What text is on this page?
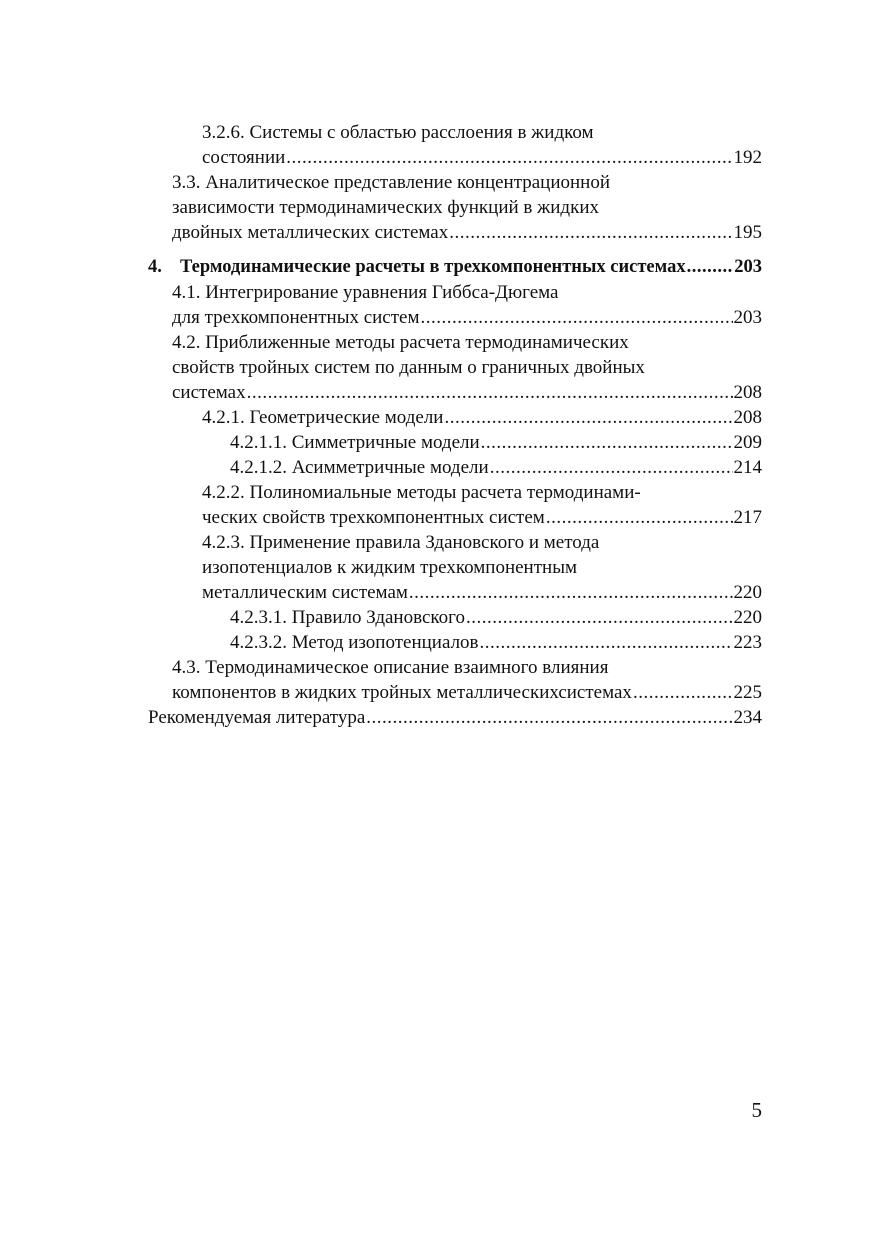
3.2.6. Системы с областью расслоения в жидком
состоянии .....	192
3.3. Аналитическое представление концентрационной
зависимости термодинамических функций в жидких
двойных металлических системах .....	195
4. Термодинамические расчеты в трехкомпонентных системах .....	203
4.1. Интегрирование уравнения Гиббса-Дюгема
для трехкомпонентных систем .....	203
4.2. Приближенные методы расчета термодинамических
свойств тройных систем по данным о граничных двойных
системах .....	208
4.2.1. Геометрические модели .....	208
4.2.1.1. Симметричные модели .....	209
4.2.1.2. Асимметричные модели .....	214
4.2.2. Полиномиальные методы расчета термодинами-
ческих свойств трехкомпонентных систем .....	217
4.2.3. Применение правила Здановского и метода
изопотенциалов к жидким трехкомпонентным
металлическим системам .....	220
4.2.3.1. Правило Здановского .....	220
4.2.3.2. Метод изопотенциалов .....	223
4.3. Термодинамическое описание взаимного влияния
компонентов в жидких тройных металлическихсистемах .....	225
Рекомендуемая литература .....	234
5
